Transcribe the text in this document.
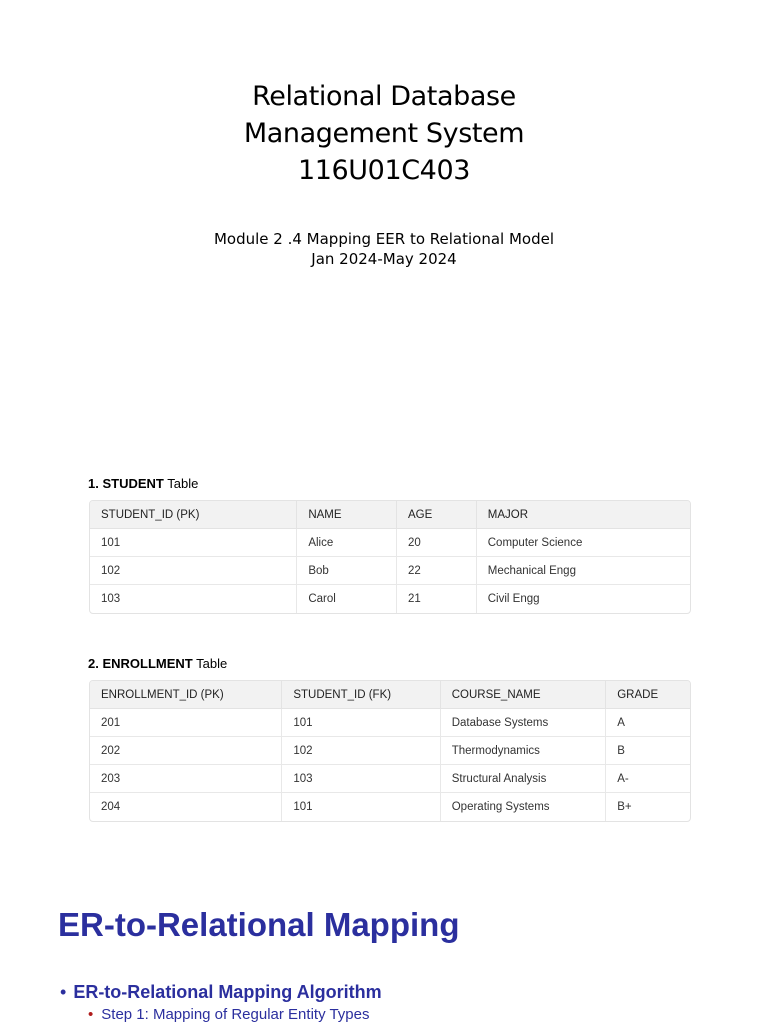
Relational Database
Management System
116U01C403
Module 2 .4 Mapping EER to Relational Model
Jan 2024-May 2024
1. STUDENT Table
STUDENT_ID (PK)	NAME	AGE	MAJOR
101	Alice	20	Computer Science
102	Bob	22	Mechanical Engg
103	Carol	21	Civil Engg
2. ENROLLMENT Table
ENROLLMENT_ID (PK)	STUDENT_ID (FK)	COURSE_NAME	GRADE
201	101	Database Systems	A
202	102	Thermodynamics	B
203	103	Structural Analysis	A-
204	101	Operating Systems	B+
ER-to-Relational Mapping
• ER-to-Relational Mapping Algorithm
• Step 1: Mapping of Regular Entity Types
